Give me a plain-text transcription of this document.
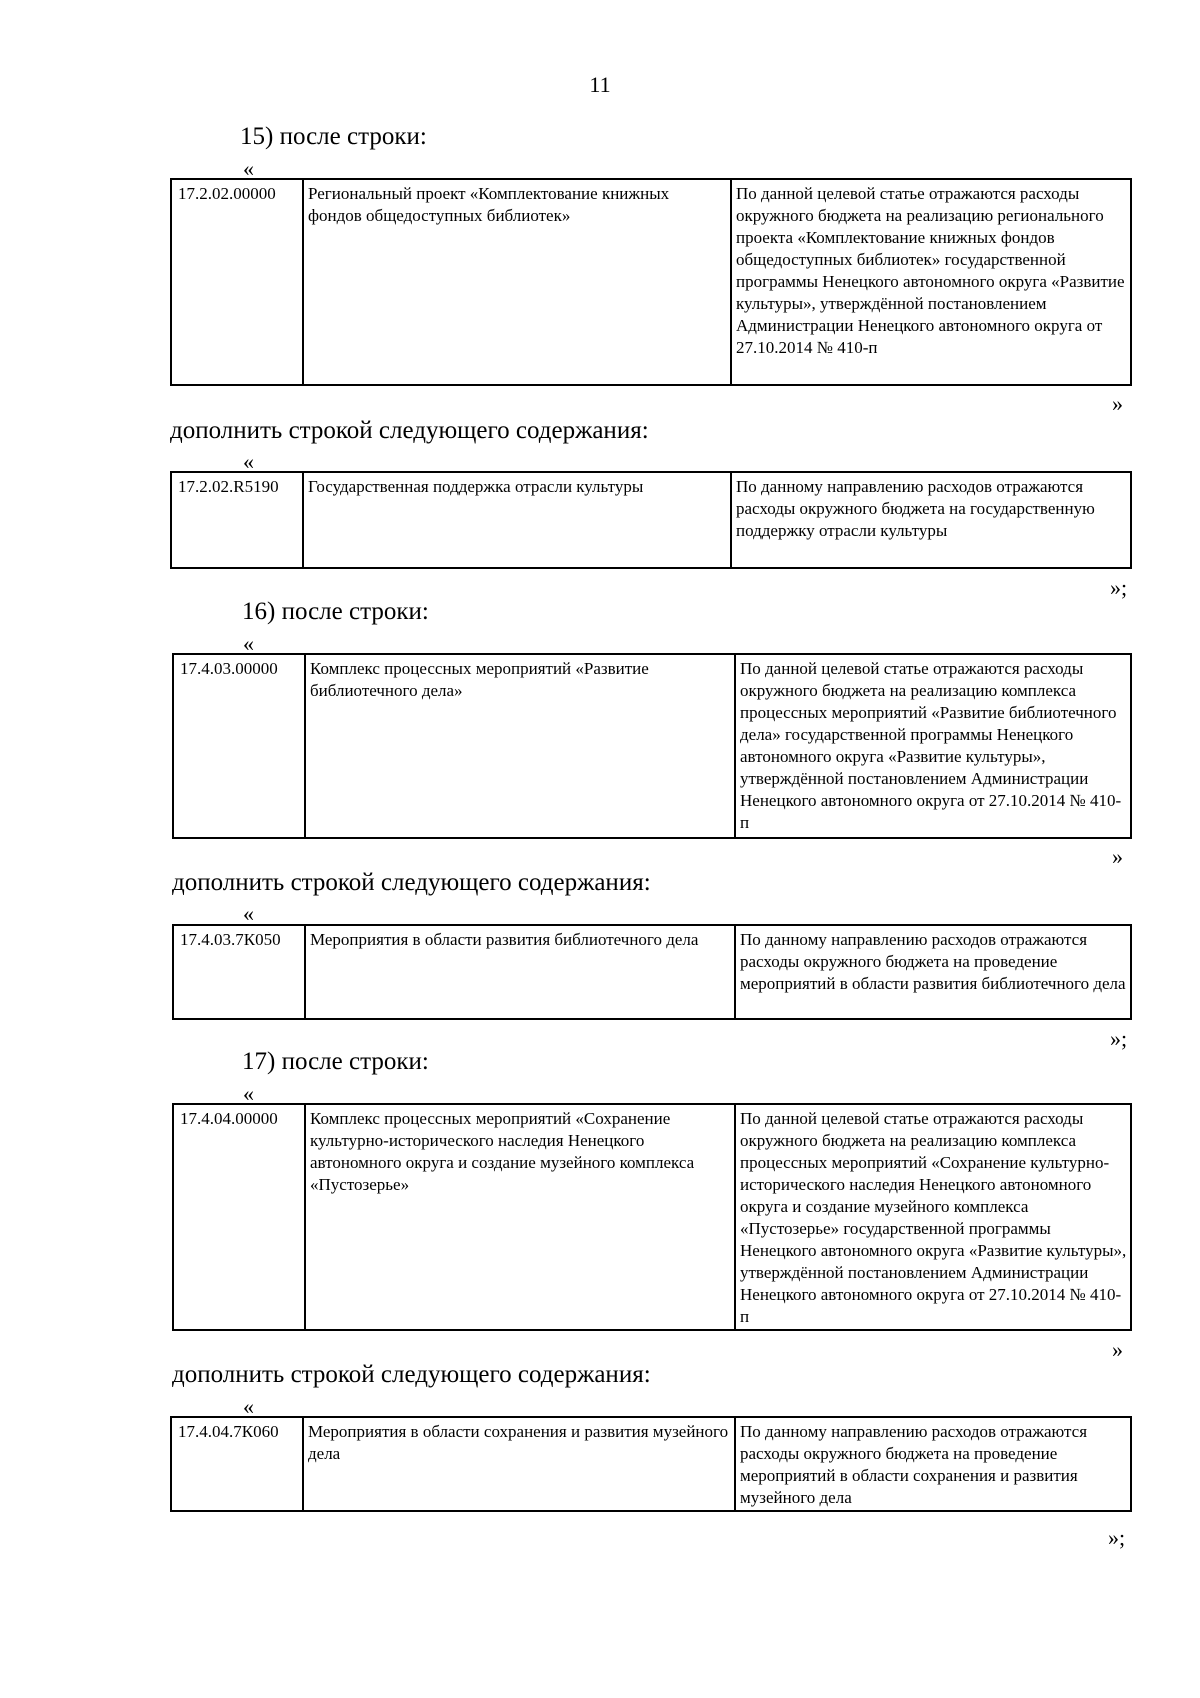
11
15) после строки:
«
17.2.02.00000	Региональный проект «Комплектование книжных фондов общедоступных библиотек»	По данной целевой статье отражаются расходы окружного бюджета на реализацию регионального проекта «Комплектование книжных фондов общедоступных библиотек» государственной программы Ненецкого автономного округа «Развитие культуры», утверждённой постановлением Администрации Ненецкого автономного округа от 27.10.2014 № 410-п
»
дополнить строкой следующего содержания:
«
17.2.02.R5190	Государственная поддержка отрасли культуры	По данному направлению расходов отражаются расходы окружного бюджета на государственную поддержку отрасли культуры
»;
16) после строки:
«
17.4.03.00000	Комплекс процессных мероприятий «Развитие библиотечного дела»	По данной целевой статье отражаются расходы окружного бюджета на реализацию комплекса процессных мероприятий «Развитие библиотечного дела» государственной программы Ненецкого автономного округа «Развитие культуры», утверждённой постановлением Администрации Ненецкого автономного округа от 27.10.2014 № 410-п
»
дополнить строкой следующего содержания:
«
17.4.03.7К050	Мероприятия в области развития библиотечного дела	По данному направлению расходов отражаются расходы окружного бюджета на проведение мероприятий в области развития библиотечного дела
»;
17) после строки:
«
17.4.04.00000	Комплекс процессных мероприятий «Сохранение культурно-исторического наследия Ненецкого автономного округа и создание музейного комплекса «Пустозерье»	По данной целевой статье отражаются расходы окружного бюджета на реализацию комплекса процессных мероприятий «Сохранение культурно-исторического наследия Ненецкого автономного округа и создание музейного комплекса «Пустозерье» государственной программы Ненецкого автономного округа «Развитие культуры», утверждённой постановлением Администрации Ненецкого автономного округа от 27.10.2014 № 410-п
»
дополнить строкой следующего содержания:
«
17.4.04.7К060	Мероприятия в области сохранения и развития музейного дела	По данному направлению расходов отражаются расходы окружного бюджета на проведение мероприятий в области сохранения и развития музейного дела
»;
